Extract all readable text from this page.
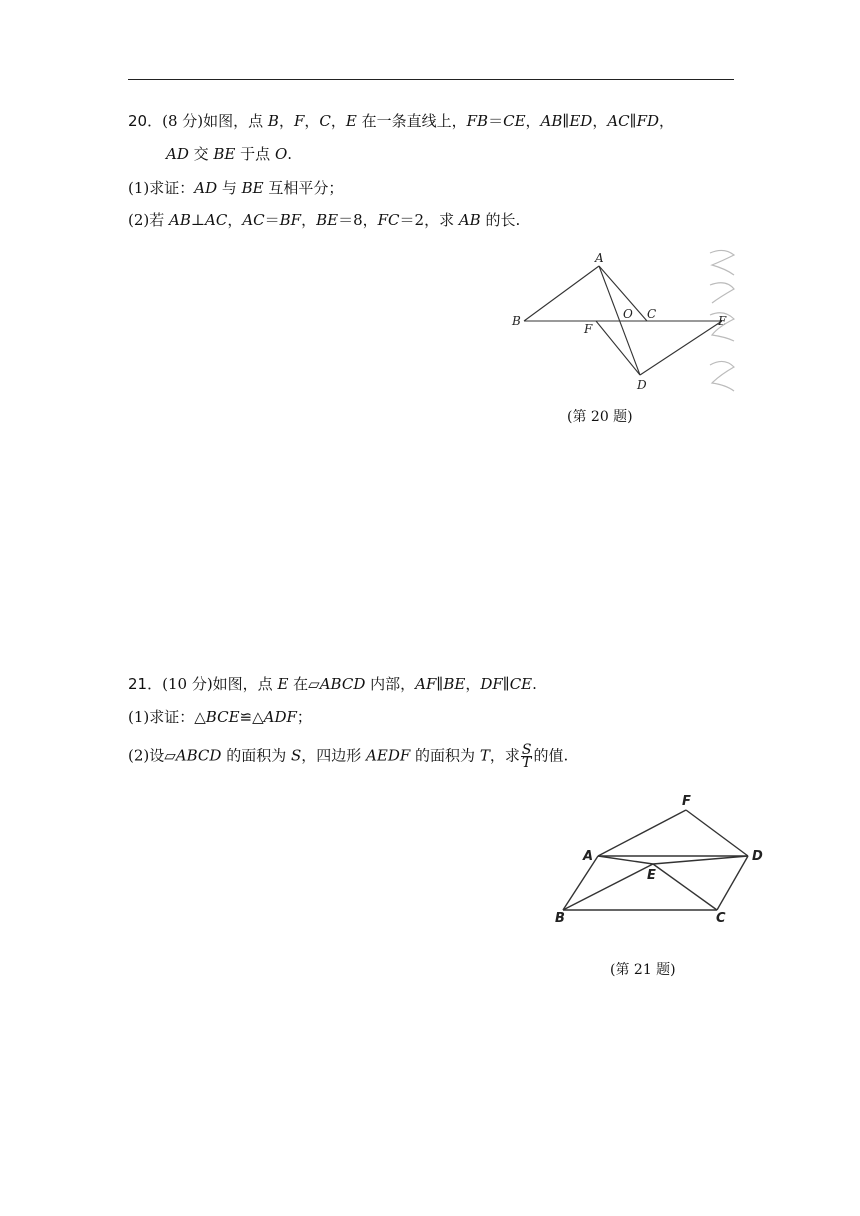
20．(8 分)如图，点 B，F，C，E 在一条直线上，FB＝CE，AB∥ED，AC∥FD，
AD 交 BE 于点 O.
(1)求证：AD 与 BE 互相平分；
(2)若 AB⊥AC，AC＝BF，BE＝8，FC＝2，求 AB 的长.
A
B
F
O C	E
D
(第 20 题)
21．(10 分)如图，点 E 在▱ABCD 内部，AF∥BE，DF∥CE.
(1)求证：△BCE≌△ADF；
(2)设▱ABCD 的面积为 S，四边形 AEDF 的面积为 T，求 $\frac{S}{T}$ 的值.
F
A	D
E
B	C
(第 21 题)
